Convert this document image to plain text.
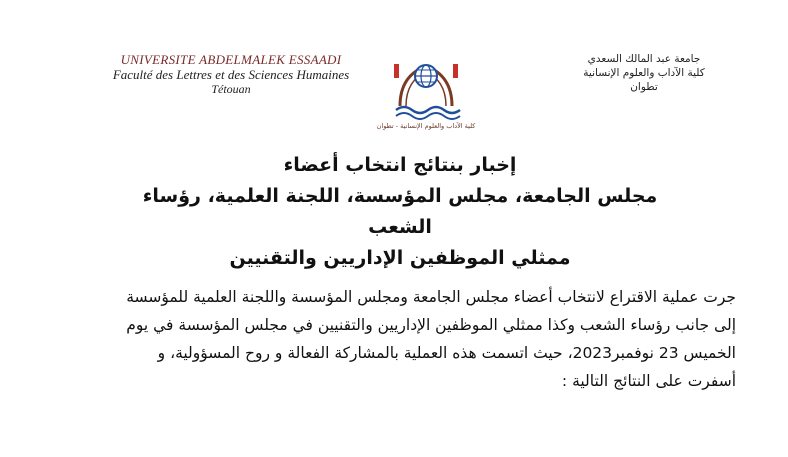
UNIVERSITE ABDELMALEK ESSAADI
Faculté des Lettres et des Sciences Humaines
Tétouan
كلية الآداب والعلوم الإنسانية - تطوان
جامعة عبد المالك السعدي
كلية الآداب والعلوم الإنسانية
تطوان
إخبار بنتائج انتخاب أعضاء
مجلس الجامعة، مجلس المؤسسة، اللجنة العلمية، رؤساء الشعب
ممثلي الموظفين الإداريين والتقنيين

جرت عملية الاقتراع لانتخاب أعضاء مجلس الجامعة ومجلس المؤسسة واللجنة العلمية للمؤسسة

إلى جانب رؤساء الشعب وكذا ممثلي الموظفين الإداريين والتقنيين في مجلس المؤسسة في يوم

الخميس 23 نوفمبر2023، حيث اتسمت هذه العملية بالمشاركة الفعالة و روح المسؤولية، و

أسفرت على النتائج التالية :
